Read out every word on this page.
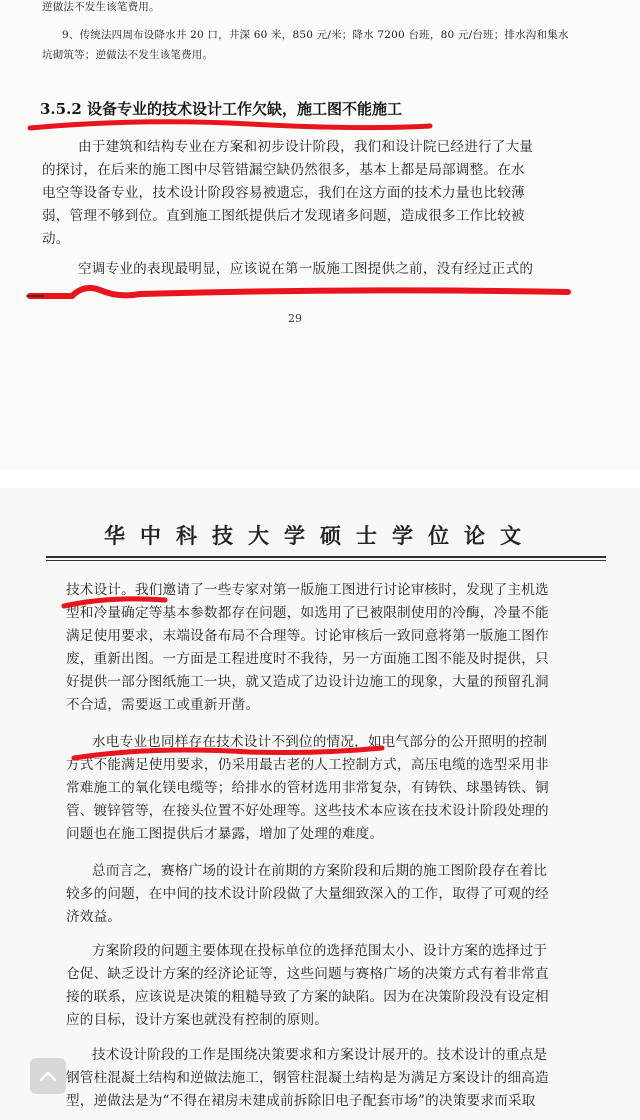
逆做法不发生该笔费用。
9、传统法四周布设降水井 20 口，井深 60 米，850 元/米；降水 7200 台班，80 元/台班；排水沟和集水
坑砌筑等；逆做法不发生该笔费用。
3.5.2 设备专业的技术设计工作欠缺，施工图不能施工
由于建筑和结构专业在方案和初步设计阶段，我们和设计院已经进行了大量
的探讨，在后来的施工图中尽管错漏空缺仍然很多，基本上都是局部调整。在水
电空等设备专业，技术设计阶段容易被遗忘，我们在这方面的技术力量也比较薄
弱，管理不够到位。直到施工图纸提供后才发现诸多问题，造成很多工作比较被
动。
空调专业的表现最明显，应该说在第一版施工图提供之前，没有经过正式的
29
华中科技大学硕士学位论文
技术设计。我们邀请了一些专家对第一版施工图进行讨论审核时，发现了主机选
型和冷量确定等基本参数都存在问题，如选用了已被限制使用的冷酶，冷量不能
满足使用要求，末端设备布局不合理等。讨论审核后一致同意将第一版施工图作
废，重新出图。一方面是工程进度时不我待，另一方面施工图不能及时提供，只
好提供一部分图纸施工一块，就又造成了边设计边施工的现象，大量的预留孔洞
不合适，需要返工或重新开凿。
水电专业也同样存在技术设计不到位的情况，如电气部分的公开照明的控制
方式不能满足使用要求，仍采用最古老的人工控制方式，高压电缆的选型采用非
常难施工的氧化镁电缆等；给排水的管材选用非常复杂，有铸铁、球墨铸铁、铜
管、镀锌管等，在接头位置不好处理等。这些技术本应该在技术设计阶段处理的
问题也在施工图提供后才暴露，增加了处理的难度。
总而言之，赛格广场的设计在前期的方案阶段和后期的施工图阶段存在着比
较多的问题，在中间的技术设计阶段做了大量细致深入的工作，取得了可观的经
济效益。
方案阶段的问题主要体现在投标单位的选择范围太小、设计方案的选择过于
仓促、缺乏设计方案的经济论证等，这些问题与赛格广场的决策方式有着非常直
接的联系，应该说是决策的粗糙导致了方案的缺陷。因为在决策阶段没有设定相
应的目标，设计方案也就没有控制的原则。
技术设计阶段的工作是围绕决策要求和方案设计展开的。技术设计的重点是
钢管柱混凝土结构和逆做法施工，钢管柱混凝土结构是为满足方案设计的细高造
型，逆做法是为“不得在裙房未建成前拆除旧电子配套市场”的决策要求而采取
